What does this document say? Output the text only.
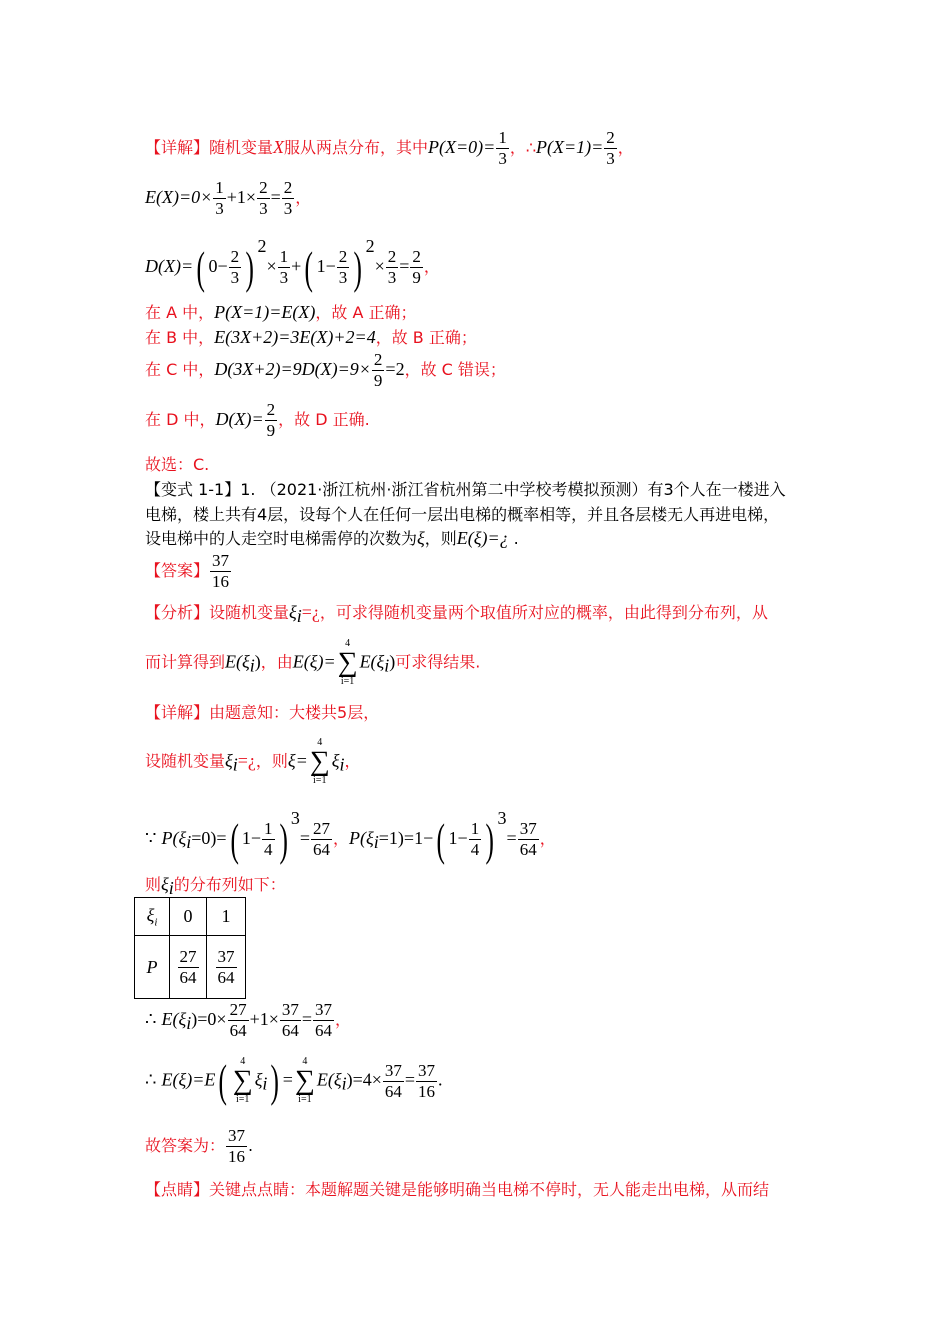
【详解】随机变量X服从两点分布，其中$P(X=0)= \frac{1}{3}$ ，∴P(X=1)= $\frac{2}{3}$ ，
$E(X)=0\times \frac{1}{3} +1\times \frac{2}{3} = \frac{2}{3}$ ，
D(X)=( $0- \frac{2}{3}$ ) $^2\times \frac{1}{3}$ +( $1- \frac{2}{3}$ ) $^2\times \frac{2}{3} = \frac{2}{9}$ ，
在 A 中，P(X=1)=E(X)，故 A 正确；
在 B 中，E(3X+2)=3E(X)+2=4，故 B 正确；
在 C 中，$D(3X+2)=9D(X)=9\times \frac{2}{9} =2$，故 C 错误；
在 D 中，$D(X)= \frac{2}{9}$ ，故 D 正确.
故选：C.
【变式 1-1】1. （2021·浙江杭州·浙江省杭州第二中学校考模拟预测）有3个人在一楼进入
电梯，楼上共有4层，设每个人在任何一层出电梯的概率相等，并且各层楼无人再进电梯，
设电梯中的人走空时电梯需停的次数为ξ，则E(ξ)=¿ .
【答案】 $\frac{37}{16}$
【分析】设随机变量$\xi_i=¿$，可求得随机变量两个取值所对应的概率，由此得到分布列，从
而计算得到$E(\xi_i)$，由E(ξ)=
4
∑
i=1
$E(\xi_i)$可求得结果.
【详解】由题意知：大楼共5层，
设随机变量$\xi_i=¿$，则ξ=
4
∑
i=1
$\xi_i$，
∵ $P(\xi_i=0)=$( $1- \frac{1}{4}$ ) $^3= \frac{27}{64}$ ，$P(\xi_i=1)=1-$( $1- \frac{1}{4}$ ) $^3= \frac{37}{64}$ ，
则$\xi_i$的分布列如下：
$\xi_i$	0	1
P	$\frac{27}{64}$	$\frac{37}{64}$
∴ $E(\xi_i)=0\times \frac{27}{64} +1\times \frac{37}{64} = \frac{37}{64}$ ，
∴ E(ξ)=E(	4
∑
i=1
$\xi_i$) =
4
∑
i=1
$E(\xi_i)=4\times \frac{37}{64} = \frac{37}{16}$ .
故答案为： $\frac{37}{16}$ .
【点睛】关键点点睛：本题解题关键是能够明确当电梯不停时，无人能走出电梯，从而结
